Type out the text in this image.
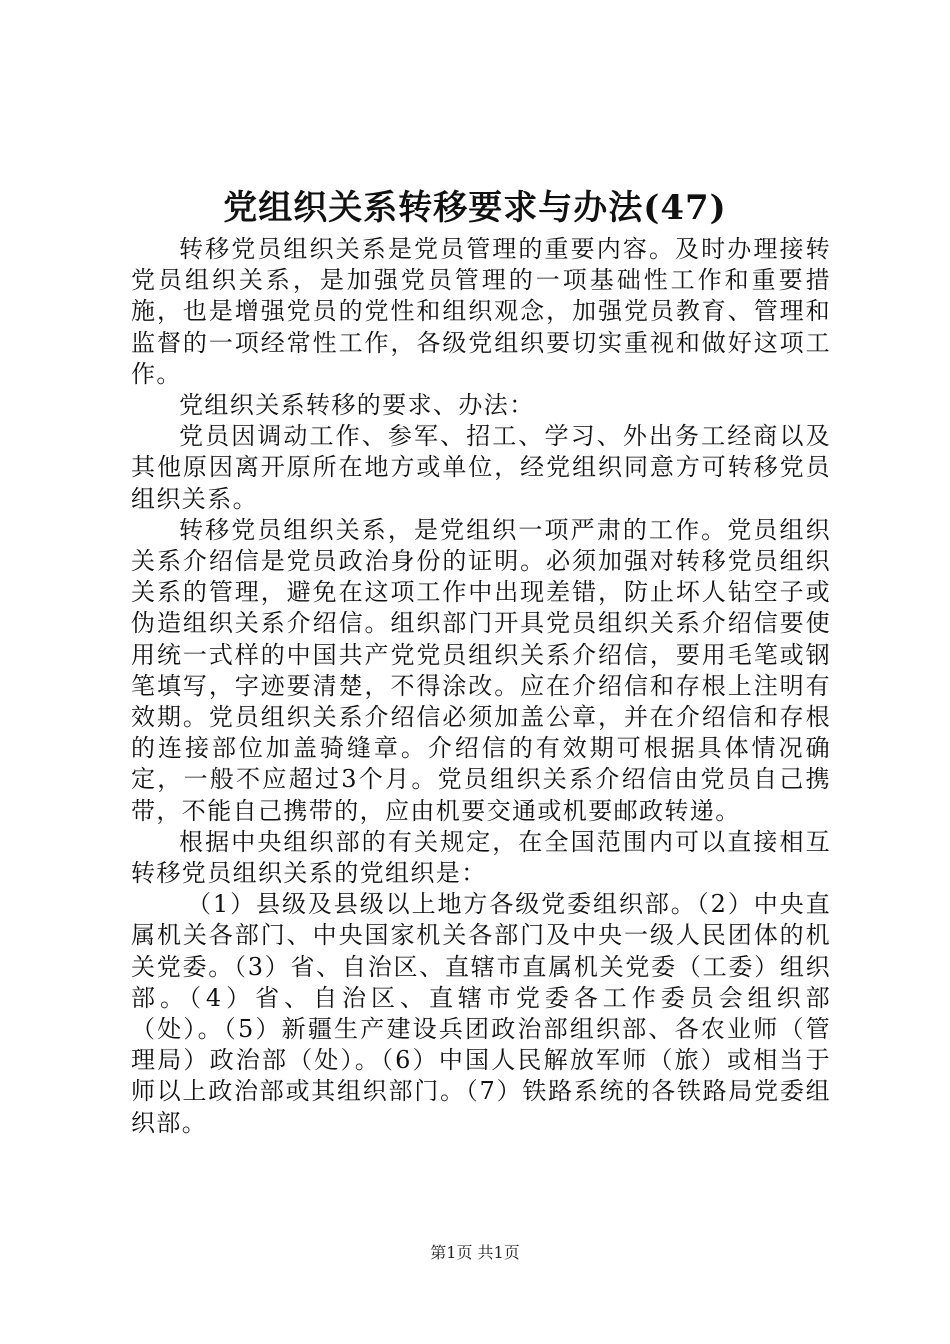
党组织关系转移要求与办法(47)

转移党员组织关系是党员管理的重要内容。及时办理接转党员组织关系，是加强党员管理的一项基础性工作和重要措施，也是增强党员的党性和组织观念，加强党员教育、管理和监督的一项经常性工作，各级党组织要切实重视和做好这项工作。

党组织关系转移的要求、办法：

党员因调动工作、参军、招工、学习、外出务工经商以及其他原因离开原所在地方或单位，经党组织同意方可转移党员组织关系。

转移党员组织关系，是党组织一项严肃的工作。党员组织关系介绍信是党员政治身份的证明。必须加强对转移党员组织关系的管理，避免在这项工作中出现差错，防止坏人钻空子或伪造组织关系介绍信。组织部门开具党员组织关系介绍信要使用统一式样的中国共产党党员组织关系介绍信，要用毛笔或钢笔填写，字迹要清楚，不得涂改。应在介绍信和存根上注明有效期。党员组织关系介绍信必须加盖公章，并在介绍信和存根的连接部位加盖骑缝章。介绍信的有效期可根据具体情况确定，一般不应超过3个月。党员组织关系介绍信由党员自己携带，不能自己携带的，应由机要交通或机要邮政转递。

根据中央组织部的有关规定，在全国范围内可以直接相互转移党员组织关系的党组织是：

（1）县级及县级以上地方各级党委组织部。（2）中央直属机关各部门、中央国家机关各部门及中央一级人民团体的机关党委。（3）省、自治区、直辖市直属机关党委（工委）组织部。（4）省、自治区、直辖市党委各工作委员会组织部（处）。（5）新疆生产建设兵团政治部组织部、各农业师（管理局）政治部（处）。（6）中国人民解放军师（旅）或相当于师以上政治部或其组织部门。（7）铁路系统的各铁路局党委组织部。

第1页 共1页
